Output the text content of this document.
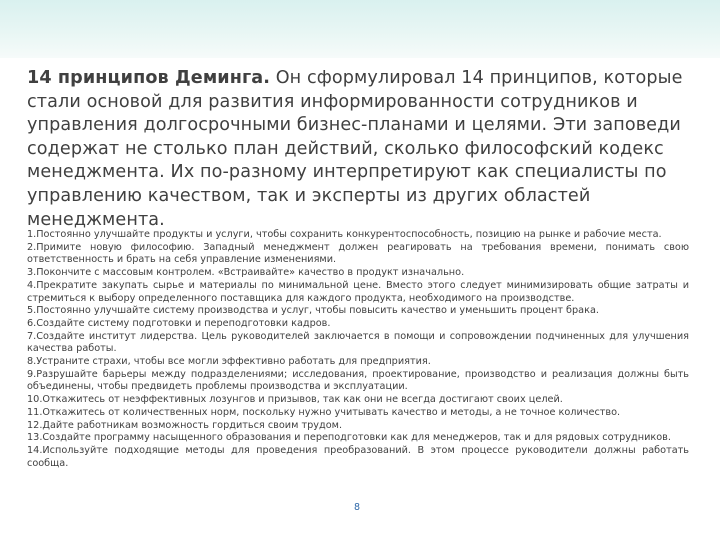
14 принципов Деминга. Он сформулировал 14 принципов, которые стали основой для развития информированности сотрудников и управления долгосрочными бизнес-планами и целями. Эти заповеди содержат не столько план действий, сколько философский кодекс менеджмента. Их по-разному интерпретируют как специалисты по управлению качеством, так и эксперты из других областей менеджмента.

1.Постоянно улучшайте продукты и услуги, чтобы сохранить конкурентоспособность, позицию на рынке и рабочие места.
2.Примите новую философию. Западный менеджмент должен реагировать на требования времени, понимать свою ответственность и брать на себя управление изменениями.
3.Покончите с массовым контролем. «Встраивайте» качество в продукт изначально.
4.Прекратите закупать сырье и материалы по минимальной цене. Вместо этого следует минимизировать общие затраты и стремиться к выбору определенного поставщика для каждого продукта, необходимого на производстве.
5.Постоянно улучшайте систему производства и услуг, чтобы повысить качество и уменьшить процент брака.
6.Создайте систему подготовки и переподготовки кадров.
7.Создайте институт лидерства. Цель руководителей заключается в помощи и сопровождении подчиненных для улучшения качества работы.
8.Устраните страхи, чтобы все могли эффективно работать для предприятия.
9.Разрушайте барьеры между подразделениями; исследования, проектирование, производство и реализация должны быть объединены, чтобы предвидеть проблемы производства и эксплуатации.
10.Откажитесь от неэффективных лозунгов и призывов, так как они не всегда достигают своих целей.
11.Откажитесь от количественных норм, поскольку нужно учитывать качество и методы, а не точное количество.
12.Дайте работникам возможность гордиться своим трудом.
13.Создайте программу насыщенного образования и переподготовки как для менеджеров, так и для рядовых сотрудников.
14.Используйте подходящие методы для проведения преобразований. В этом процессе руководители должны работать сообща.
8
